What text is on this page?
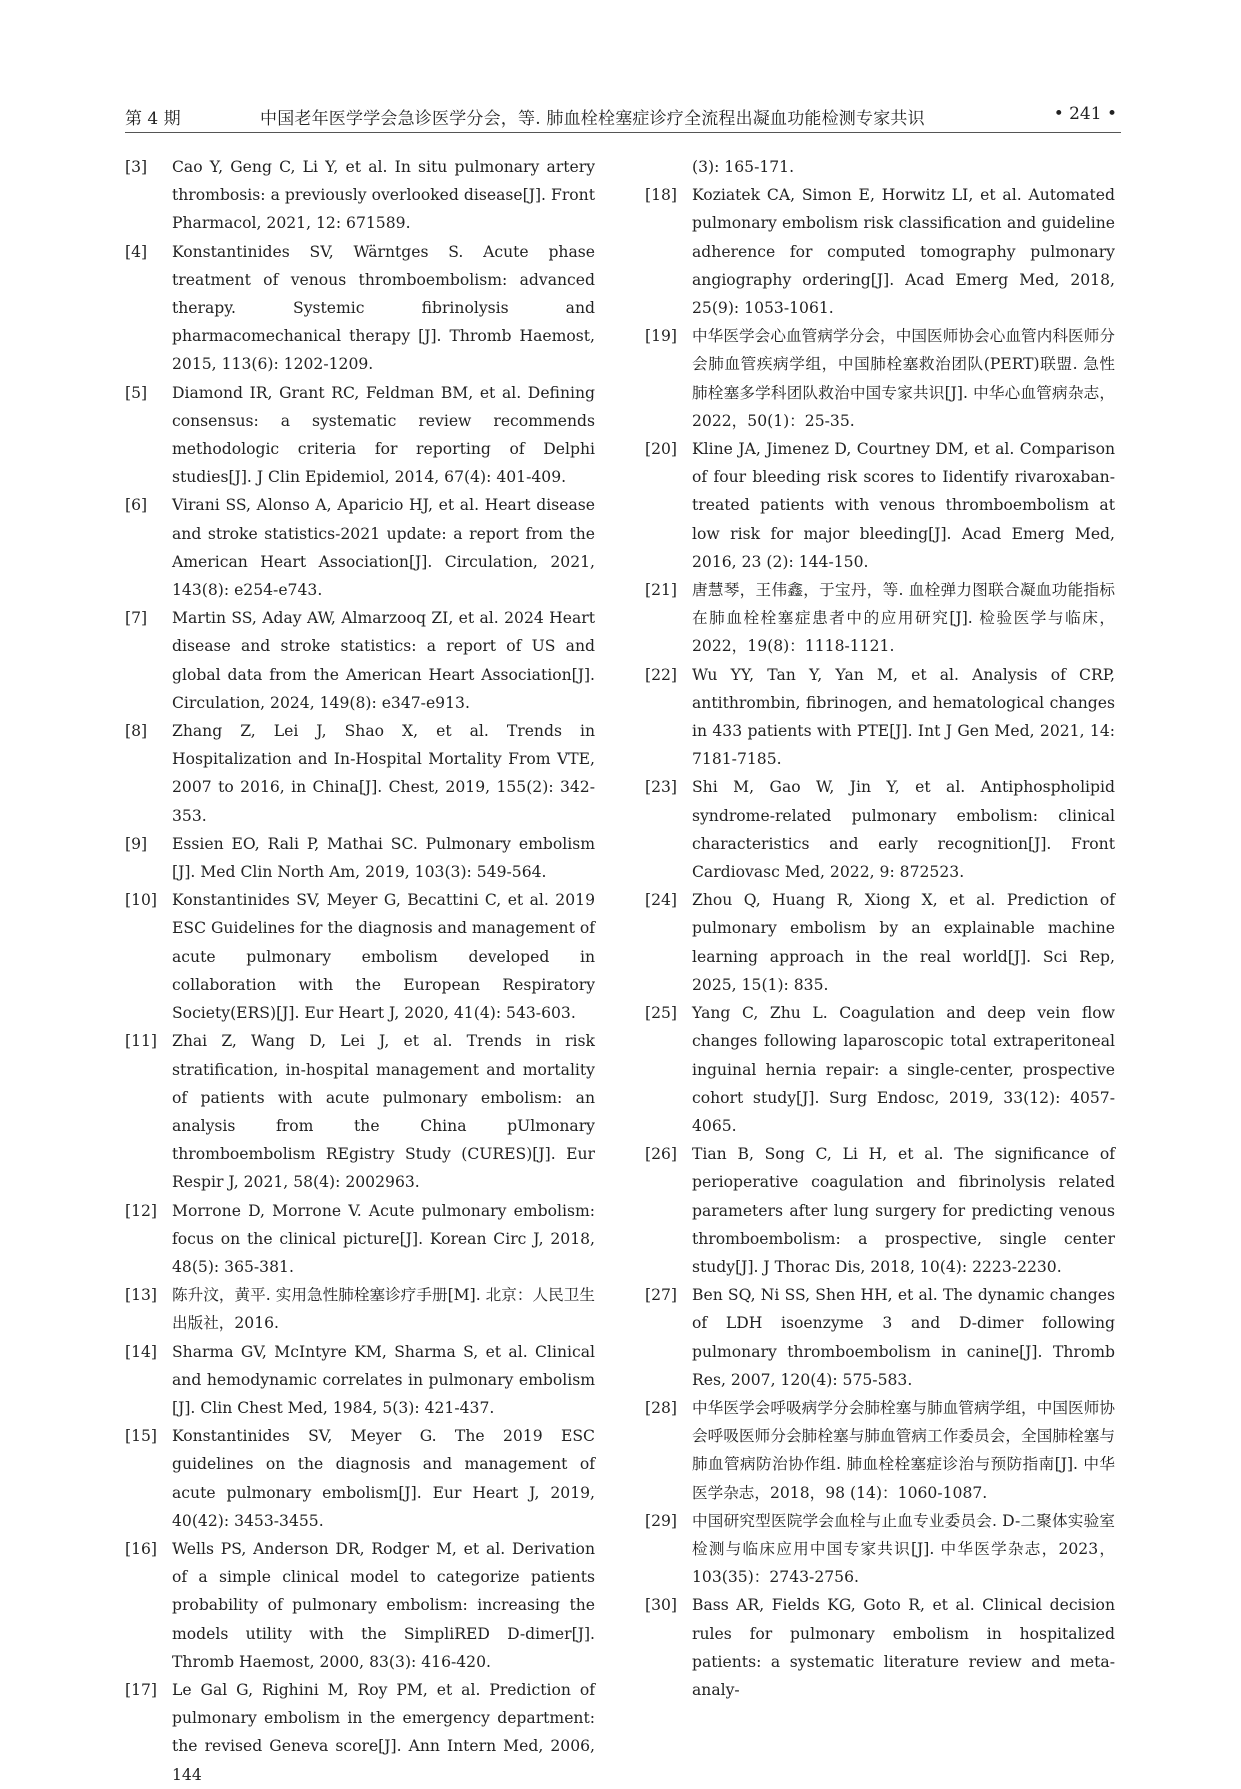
第 4 期	中国老年医学学会急诊医学分会，等. 肺血栓栓塞症诊疗全流程出凝血功能检测专家共识	• 241 •
[3] Cao Y, Geng C, Li Y, et al. In situ pulmonary artery thrombosis: a previously overlooked disease[J]. Front Pharmacol, 2021, 12: 671589.
[4] Konstantinides SV, Wärntges S. Acute phase treatment of venous thromboembolism: advanced therapy. Systemic fibrinolysis and pharmacomechanical therapy [J]. Thromb Haemost, 2015, 113(6): 1202-1209.
[5] Diamond IR, Grant RC, Feldman BM, et al. Defining consensus: a systematic review recommends methodologic criteria for reporting of Delphi studies[J]. J Clin Epidemiol, 2014, 67(4): 401-409.
[6] Virani SS, Alonso A, Aparicio HJ, et al. Heart disease and stroke statistics-2021 update: a report from the American Heart Association[J]. Circulation, 2021, 143(8): e254-e743.
[7] Martin SS, Aday AW, Almarzooq ZI, et al. 2024 Heart disease and stroke statistics: a report of US and global data from the American Heart Association[J]. Circulation, 2024, 149(8): e347-e913.
[8] Zhang Z, Lei J, Shao X, et al. Trends in Hospitalization and In-Hospital Mortality From VTE, 2007 to 2016, in China[J]. Chest, 2019, 155(2): 342-353.
[9] Essien EO, Rali P, Mathai SC. Pulmonary embolism [J]. Med Clin North Am, 2019, 103(3): 549-564.
[10] Konstantinides SV, Meyer G, Becattini C, et al. 2019 ESC Guidelines for the diagnosis and management of acute pulmonary embolism developed in collaboration with the European Respiratory Society(ERS)[J]. Eur Heart J, 2020, 41(4): 543-603.
[11] Zhai Z, Wang D, Lei J, et al. Trends in risk stratification, in-hospital management and mortality of patients with acute pulmonary embolism: an analysis from the China pUlmonary thromboembolism REgistry Study (CURES)[J]. Eur Respir J, 2021, 58(4): 2002963.
[12] Morrone D, Morrone V. Acute pulmonary embolism: focus on the clinical picture[J]. Korean Circ J, 2018, 48(5): 365-381.
[13] 陈升汶，黄平. 实用急性肺栓塞诊疗手册[M]. 北京：人民卫生出版社，2016.
[14] Sharma GV, McIntyre KM, Sharma S, et al. Clinical and hemodynamic correlates in pulmonary embolism [J]. Clin Chest Med, 1984, 5(3): 421-437.
[15] Konstantinides SV, Meyer G. The 2019 ESC guidelines on the diagnosis and management of acute pulmonary embolism[J]. Eur Heart J, 2019, 40(42): 3453-3455.
[16] Wells PS, Anderson DR, Rodger M, et al. Derivation of a simple clinical model to categorize patients probability of pulmonary embolism: increasing the models utility with the SimpliRED D-dimer[J]. Thromb Haemost, 2000, 83(3): 416-420.
[17] Le Gal G, Righini M, Roy PM, et al. Prediction of pulmonary embolism in the emergency department: the revised Geneva score[J]. Ann Intern Med, 2006, 144
(3): 165-171.
[18] Koziatek CA, Simon E, Horwitz LI, et al. Automated pulmonary embolism risk classification and guideline adherence for computed tomography pulmonary angiography ordering[J]. Acad Emerg Med, 2018, 25(9): 1053-1061.
[19] 中华医学会心血管病学分会，中国医师协会心血管内科医师分会肺血管疾病学组，中国肺栓塞救治团队(PERT)联盟. 急性肺栓塞多学科团队救治中国专家共识[J]. 中华心血管病杂志，2022，50(1)：25-35.
[20] Kline JA, Jimenez D, Courtney DM, et al. Comparison of four bleeding risk scores to Iidentify rivaroxaban-treated patients with venous thromboembolism at low risk for major bleeding[J]. Acad Emerg Med, 2016, 23 (2): 144-150.
[21] 唐慧琴，王伟鑫，于宝丹，等. 血栓弹力图联合凝血功能指标在肺血栓栓塞症患者中的应用研究[J]. 检验医学与临床，2022，19(8)：1118-1121.
[22] Wu YY, Tan Y, Yan M, et al. Analysis of CRP, antithrombin, fibrinogen, and hematological changes in 433 patients with PTE[J]. Int J Gen Med, 2021, 14: 7181-7185.
[23] Shi M, Gao W, Jin Y, et al. Antiphospholipid syndrome-related pulmonary embolism: clinical characteristics and early recognition[J]. Front Cardiovasc Med, 2022, 9: 872523.
[24] Zhou Q, Huang R, Xiong X, et al. Prediction of pulmonary embolism by an explainable machine learning approach in the real world[J]. Sci Rep, 2025, 15(1): 835.
[25] Yang C, Zhu L. Coagulation and deep vein flow changes following laparoscopic total extraperitoneal inguinal hernia repair: a single-center, prospective cohort study[J]. Surg Endosc, 2019, 33(12): 4057-4065.
[26] Tian B, Song C, Li H, et al. The significance of perioperative coagulation and fibrinolysis related parameters after lung surgery for predicting venous thromboembolism: a prospective, single center study[J]. J Thorac Dis, 2018, 10(4): 2223-2230.
[27] Ben SQ, Ni SS, Shen HH, et al. The dynamic changes of LDH isoenzyme 3 and D-dimer following pulmonary thromboembolism in canine[J]. Thromb Res, 2007, 120(4): 575-583.
[28] 中华医学会呼吸病学分会肺栓塞与肺血管病学组，中国医师协会呼吸医师分会肺栓塞与肺血管病工作委员会，全国肺栓塞与肺血管病防治协作组. 肺血栓栓塞症诊治与预防指南[J]. 中华医学杂志，2018，98 (14)：1060-1087.
[29] 中国研究型医院学会血栓与止血专业委员会. D-二聚体实验室检测与临床应用中国专家共识[J]. 中华医学杂志，2023，103(35)：2743-2756.
[30] Bass AR, Fields KG, Goto R, et al. Clinical decision rules for pulmonary embolism in hospitalized patients: a systematic literature review and meta-analy-
